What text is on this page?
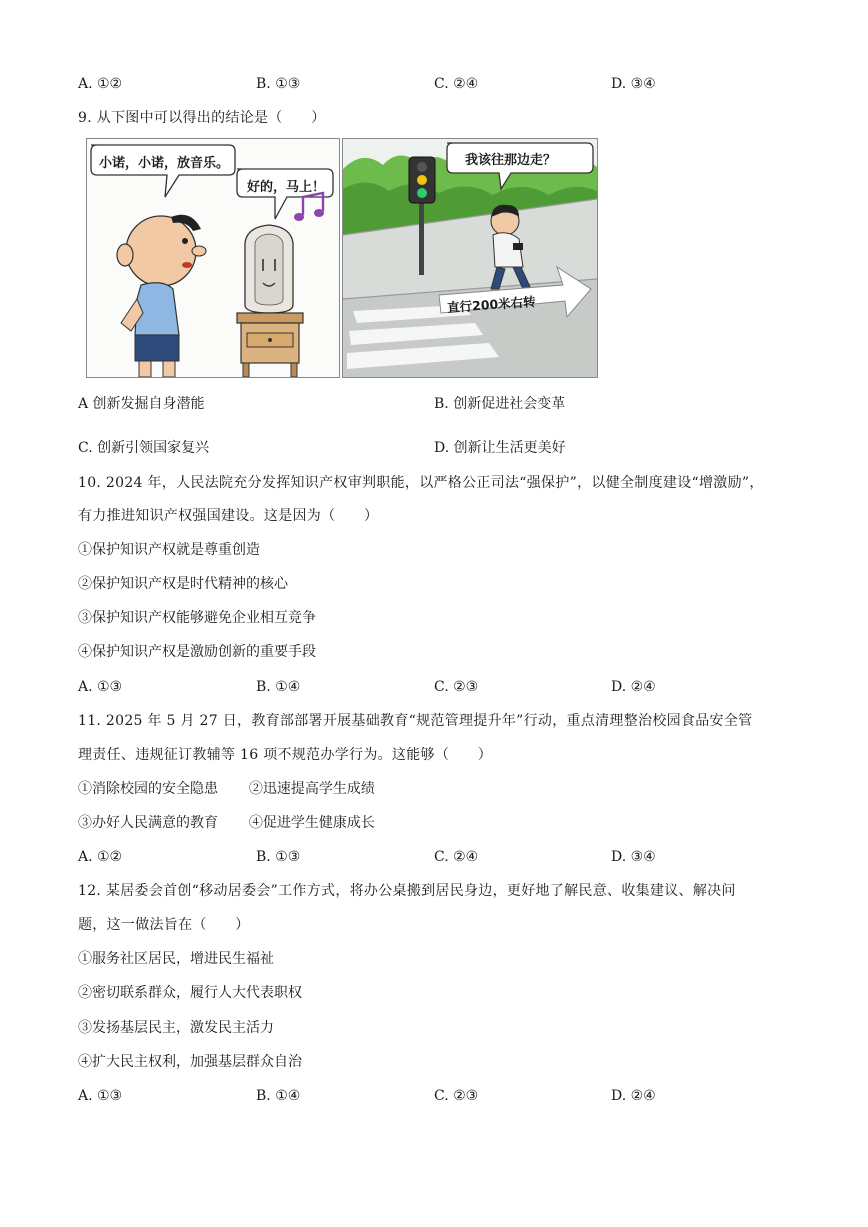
A. ①②	B. ①③	C. ②④	D. ③④
9. 从下图中可以得出的结论是（　　）
小诺，小诺，放音乐。
好的，马上！
我该往那边走？
直行200米右转
A 创新发掘自身潜能	B. 创新促进社会变革
C. 创新引领国家复兴	D. 创新让生活更美好
10. 2024 年，人民法院充分发挥知识产权审判职能，以严格公正司法“强保护”，以健全制度建设“增激励”，
有力推进知识产权强国建设。这是因为（　　）
①保护知识产权就是尊重创造
②保护知识产权是时代精神的核心
③保护知识产权能够避免企业相互竞争
④保护知识产权是激励创新的重要手段
A. ①③	B. ①④	C. ②③	D. ②④
11. 2025 年 5 月 27 日，教育部部署开展基础教育“规范管理提升年”行动，重点清理整治校园食品安全管
理责任、违规征订教辅等 16 项不规范办学行为。这能够（　　）
①消除校园的安全隐患 ②迅速提高学生成绩
③办好人民满意的教育 ④促进学生健康成长
A. ①②	B. ①③	C. ②④	D. ③④
12. 某居委会首创“移动居委会”工作方式，将办公桌搬到居民身边，更好地了解民意、收集建议、解决问
题，这一做法旨在（　　）
①服务社区居民，增进民生福祉
②密切联系群众，履行人大代表职权
③发扬基层民主，激发民主活力
④扩大民主权利，加强基层群众自治
A. ①③	B. ①④	C. ②③	D. ②④
